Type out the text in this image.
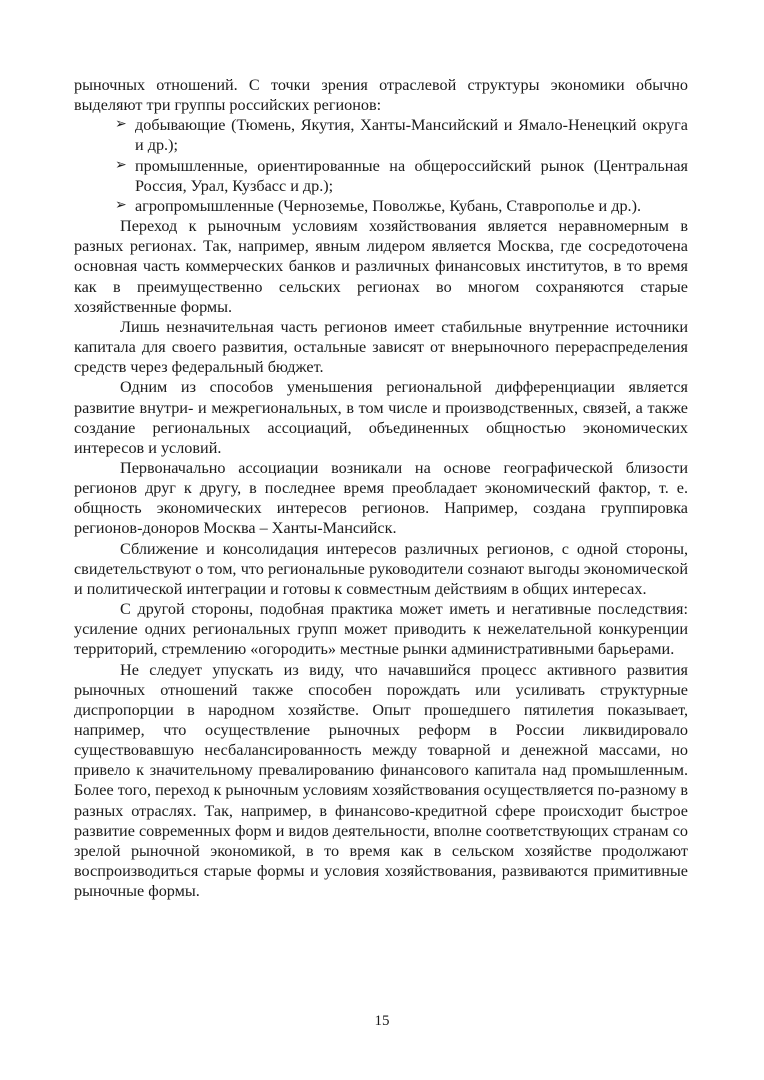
рыночных отношений. С точки зрения отраслевой структуры экономики обычно выделяют три группы российских регионов:

➢ добывающие (Тюмень, Якутия, Ханты-Мансийский и Ямало-Ненецкий округа и др.);
➢ промышленные, ориентированные на общероссийский рынок (Центральная Россия, Урал, Кузбасс и др.);
➢ агропромышленные (Черноземье, Поволжье, Кубань, Ставрополье и др.).

Переход к рыночным условиям хозяйствования является неравномерным в разных регионах. Так, например, явным лидером является Москва, где сосредоточена основная часть коммерческих банков и различных финансовых институтов, в то время как в преимущественно сельских регионах во многом сохраняются старые хозяйственные формы.

Лишь незначительная часть регионов имеет стабильные внутренние источники капитала для своего развития, остальные зависят от внерыночного перераспределения средств через федеральный бюджет.

Одним из способов уменьшения региональной дифференциации является развитие внутри- и межрегиональных, в том числе и производственных, связей, а также создание региональных ассоциаций, объединенных общностью экономических интересов и условий.

Первоначально ассоциации возникали на основе географической близости регионов друг к другу, в последнее время преобладает экономический фактор, т. е. общность экономических интересов регионов. Например, создана группировка регионов-доноров Москва – Ханты-Мансийск.

Сближение и консолидация интересов различных регионов, с одной стороны, свидетельствуют о том, что региональные руководители сознают выгоды экономической и политической интеграции и готовы к совместным действиям в общих интересах.

С другой стороны, подобная практика может иметь и негативные последствия: усиление одних региональных групп может приводить к нежелательной конкуренции территорий, стремлению «огородить» местные рынки административными барьерами.

Не следует упускать из виду, что начавшийся процесс активного развития рыночных отношений также способен порождать или усиливать структурные диспропорции в народном хозяйстве. Опыт прошедшего пятилетия показывает, например, что осуществление рыночных реформ в России ликвидировало существовавшую несбалансированность между товарной и денежной массами, но привело к значительному превалированию финансового капитала над промышленным. Более того, переход к рыночным условиям хозяйствования осуществляется по-разному в разных отраслях. Так, например, в финансово-кредитной сфере происходит быстрое развитие современных форм и видов деятельности, вполне соответствующих странам со зрелой рыночной экономикой, в то время как в сельском хозяйстве продолжают воспроизводиться старые формы и условия хозяйствования, развиваются примитивные рыночные формы.

15
